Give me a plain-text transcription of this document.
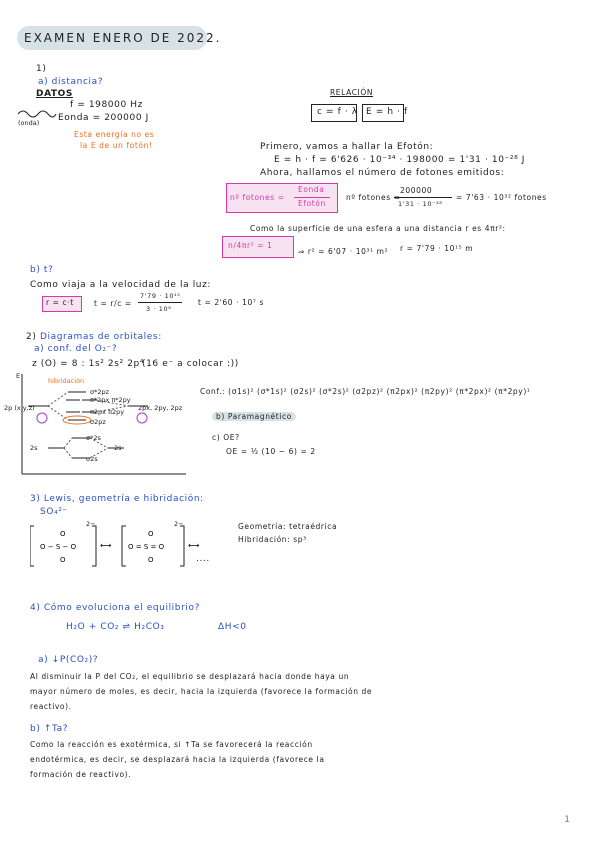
EXAMEN ENERO DE 2022.
1)
a) distancia?
DATOS
f = 198000 Hz
Eonda = 200000 J
(onda)
Esta energía no es
la E de un fotón!
RELACIÓN
c = f · λ E = h · f
Primero, vamos a hallar la Efotón:
E = h · f = 6'626 · 10⁻³⁴ · 198000 = 1'31 · 10⁻²⁸ J
Ahora, hallamos el número de fotones emitidos:
nº fotones =
Eonda
Efotón
nº fotones =
200000
1'31 · 10⁻²⁸
= 7'63 · 10³² fotones
Como la superficie de una esfera a una distancia r es 4πr²:
n/4πr² = 1
⇒ r² = 6'07 · 10³¹ m² r = 7'79 · 10¹⁵ m
b) t?
Como viaja a la velocidad de la luz:
r = c·t	t = r/c =
7'79 · 10¹⁵
3 · 10⁸
t = 2'60 · 10⁷ s
2) Diagramas de orbitales:
a) conf. del O₂⁻?
z (O) = 8 : 1s² 2s² 2p⁴
(16 e⁻ a colocar :))
E
hibridación
2p (x,y,z)
2s	2s
σ*2pz
π*2px π*2py
π2px π2py
σ2pz
σ*2s
σ2s
2px, 2py, 2pz
Conf.: (σ1s)² (σ*1s)² (σ2s)² (σ*2s)² (σ2pz)² (π2px)² (π2py)² (π*2px)² (π*2py)¹
b) Paramagnético
c) OE?
OE = ½ (10 − 6) = 2
3) Lewis, geometría e hibridación:
SO₄²⁻
O
O − S − O
O
O
O = S = O
O
⟷	⟷
2−	2−
....
Geometría: tetraédrica
Hibridación: sp³
4) Cómo evoluciona el equilibrio?
H₂O + CO₂ ⇌ H₂CO₃	ΔH<0
a) ↓P(CO₂)?
Al disminuir la P del CO₂, el equilibrio se desplazará hacia donde haya un
mayor número de moles, es decir, hacia la izquierda (favorece la formación de
reactivo).
b) ↑Ta?
Como la reacción es exotérmica, si ↑Ta se favorecerá la reacción
endotérmica, es decir, se desplazará hacia la izquierda (favorece la
formación de reactivo).
1
